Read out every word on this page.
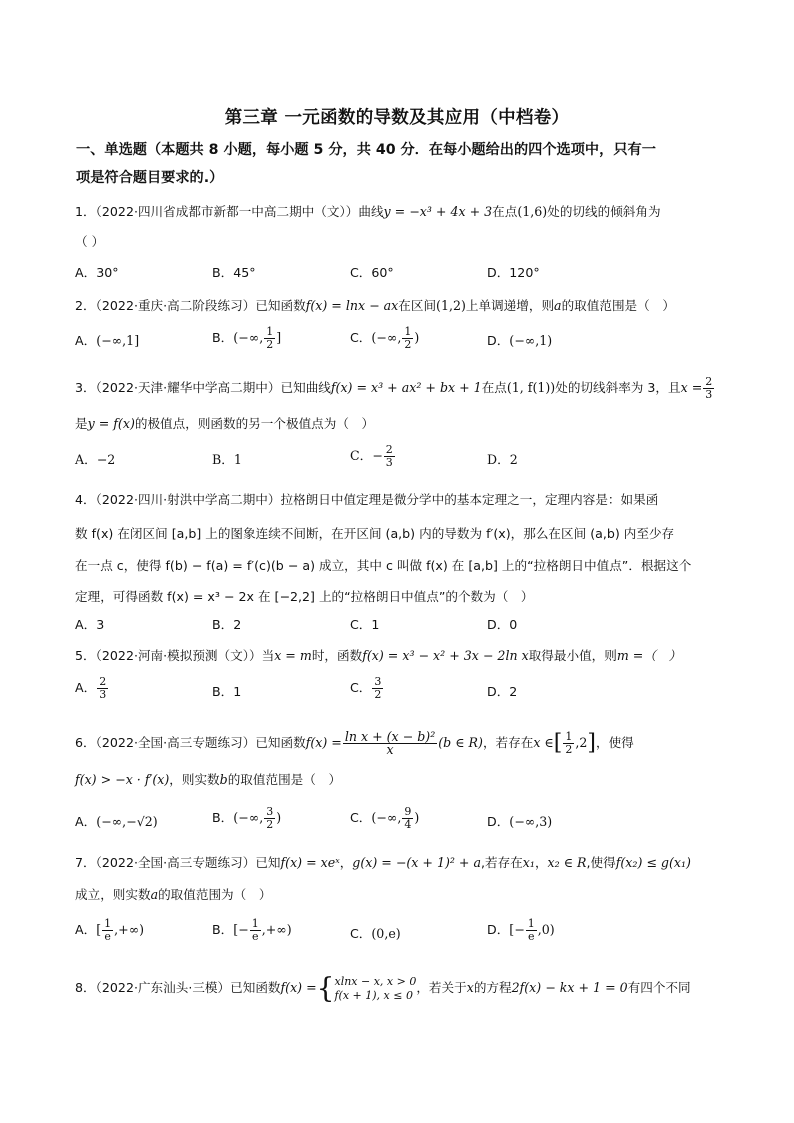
第三章 一元函数的导数及其应用（中档卷）
一、单选题（本题共 8 小题，每小题 5 分，共 40 分．在每小题给出的四个选项中，只有一
项是符合题目要求的.）
1．（2022·四川省成都市新都一中高二期中（文））曲线y = −x³ + 4x + 3在点(1,6)处的切线的倾斜角为
（ ）
A．30°	B．45°	C．60°	D．120°
2．（2022·重庆·高二阶段练习）已知函数f(x) = lnx − ax在区间(1,2)上单调递增，则a的取值范围是（　）
A．(−∞,1]	B．(−∞, $\frac{1}{2}$ ]	C．(−∞, $\frac{1}{2}$ )	D．(−∞,1)
3．（2022·天津·耀华中学高二期中）已知曲线f(x) = x³ + ax² + bx + 1在点(1, f(1))处的切线斜率为 3，且$x = \frac{2}{3}$
是y = f(x)的极值点，则函数的另一个极值点为（　）
A．−2	B．1	C．− $\frac{2}{3}$	D．2
4．（2022·四川·射洪中学高二期中）拉格朗日中值定理是微分学中的基本定理之一，定理内容是：如果函
数 f(x) 在闭区间 [a,b] 上的图象连续不间断，在开区间 (a,b) 内的导数为 f′(x)，那么在区间 (a,b) 内至少存
在一点 c，使得 f(b) − f(a) = f′(c)(b − a) 成立，其中 c 叫做 f(x) 在 [a,b] 上的“拉格朗日中值点”．根据这个
定理，可得函数 f(x) = x³ − 2x 在 [−2,2] 上的“拉格朗日中值点”的个数为（　）
A．3	B．2	C．1	D．0
5．（2022·河南·模拟预测（文））当x = m时，函数f(x) = x³ − x² + 3x − 2ln x取得最小值，则m =（　）
A． $\frac{2}{3}$	B．1	C． $\frac{3}{2}$	D．2
6．（2022·全国·高三专题练习）已知函数$f(x) = \frac{\text{ln x + (x − b)²}}{x} (b$ ∈ R)，若存在x ∈[ $\frac{1}{2} ,2$]，使得
f(x) > −x · f′(x)，则实数b的取值范围是（　）
A．(−∞,−√2)	B．(−∞, $\frac{3}{2}$ )	C．(−∞, $\frac{9}{4}$ )	D．(−∞,3)
7．（2022·全国·高三专题练习）已知f(x) = xeˣ，g(x) = −(x + 1)² + a,若存在x₁，x₂ ∈ R,使得f(x₂) ≤ g(x₁)
成立，则实数a的取值范围为（　）
A．[ $\frac{1}{e}$ ,+∞)	B．[− $\frac{1}{e}$ ,+∞)	C．(0,e)	D．[− $\frac{1}{e} ,0$)
8．（2022·广东汕头·三模）已知函数f(x) ={ xlnx − x, x > 0
f(x + 1), x ≤ 0 ，若关于x的方程2f(x) − kx + 1 = 0有四个不同
